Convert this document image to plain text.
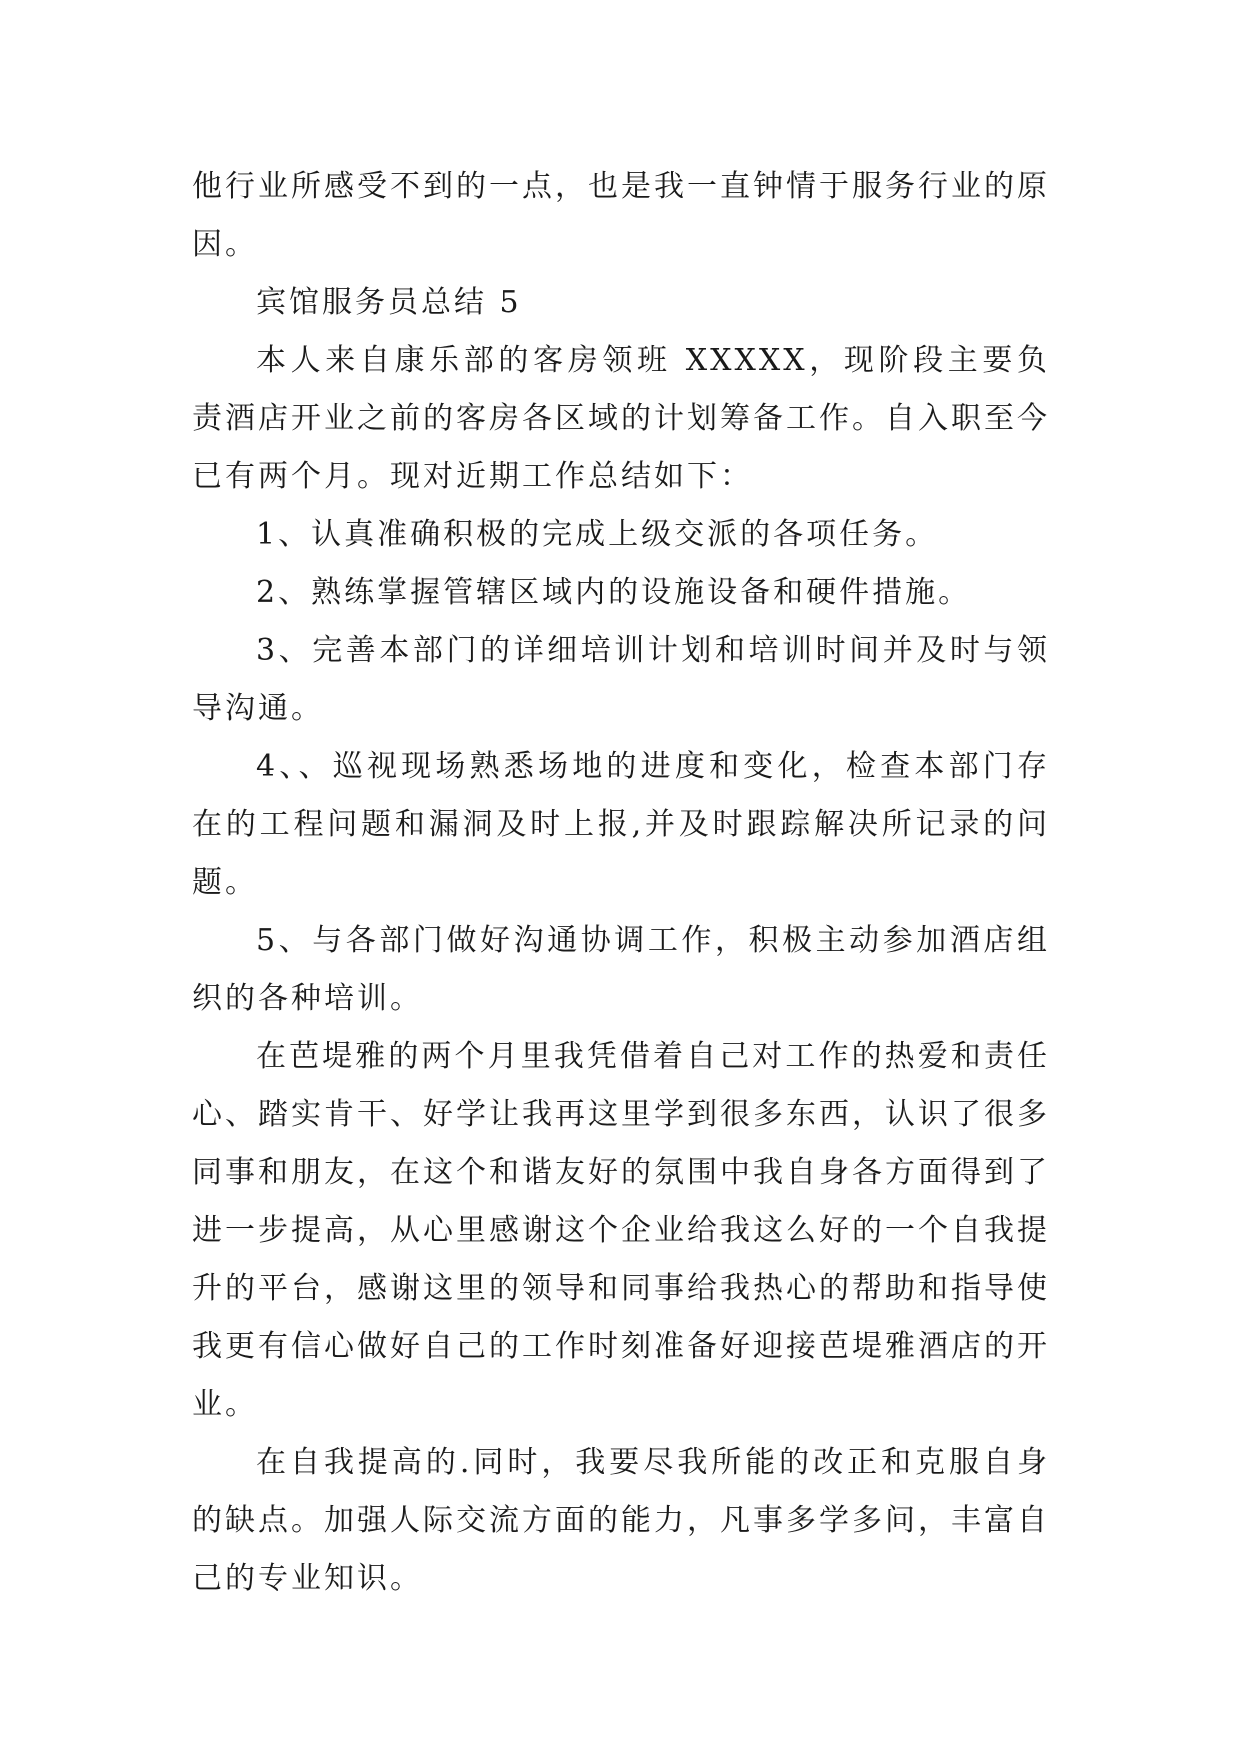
他行业所感受不到的一点，也是我一直钟情于服务行业的原因。

宾馆服务员总结 5

本人来自康乐部的客房领班 XXXXX，现阶段主要负责酒店开业之前的客房各区域的计划筹备工作。自入职至今已有两个月。现对近期工作总结如下：

1、认真准确积极的完成上级交派的各项任务。

2、熟练掌握管辖区域内的设施设备和硬件措施。

3、完善本部门的详细培训计划和培训时间并及时与领导沟通。

4、、巡视现场熟悉场地的进度和变化，检查本部门存在的工程问题和漏洞及时上报,并及时跟踪解决所记录的问题。

5、与各部门做好沟通协调工作，积极主动参加酒店组织的各种培训。

在芭堤雅的两个月里我凭借着自己对工作的热爱和责任心、踏实肯干、好学让我再这里学到很多东西，认识了很多同事和朋友，在这个和谐友好的氛围中我自身各方面得到了进一步提高，从心里感谢这个企业给我这么好的一个自我提升的平台，感谢这里的领导和同事给我热心的帮助和指导使我更有信心做好自己的工作时刻准备好迎接芭堤雅酒店的开业。

在自我提高的.同时，我要尽我所能的改正和克服自身的缺点。加强人际交流方面的能力，凡事多学多问，丰富自己的专业知识。
